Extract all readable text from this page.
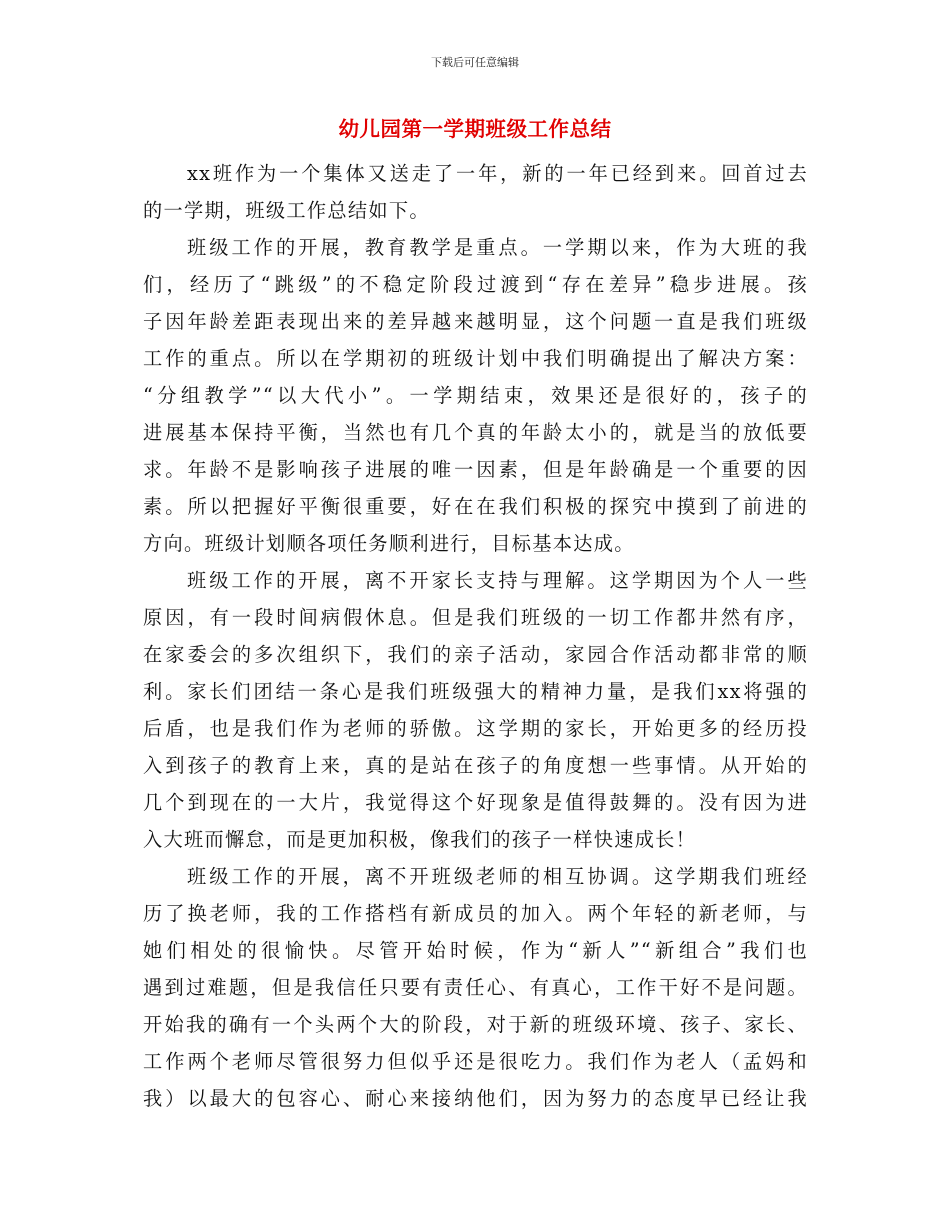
下载后可任意编辑
幼儿园第一学期班级工作总结
xx班作为一个集体又送走了一年，新的一年已经到来。回首过去
的一学期，班级工作总结如下。
班级工作的开展，教育教学是重点。一学期以来，作为大班的我
们，经历了“跳级”的不稳定阶段过渡到“存在差异”稳步进展。孩
子因年龄差距表现出来的差异越来越明显，这个问题一直是我们班级
工作的重点。所以在学期初的班级计划中我们明确提出了解决方案：
“分组教学”“以大代小”。一学期结束，效果还是很好的，孩子的
进展基本保持平衡，当然也有几个真的年龄太小的，就是当的放低要
求。年龄不是影响孩子进展的唯一因素，但是年龄确是一个重要的因
素。所以把握好平衡很重要，好在在我们积极的探究中摸到了前进的
方向。班级计划顺各项任务顺利进行，目标基本达成。
班级工作的开展，离不开家长支持与理解。这学期因为个人一些
原因，有一段时间病假休息。但是我们班级的一切工作都井然有序，
在家委会的多次组织下，我们的亲子活动，家园合作活动都非常的顺
利。家长们团结一条心是我们班级强大的精神力量，是我们xx将强的
后盾，也是我们作为老师的骄傲。这学期的家长，开始更多的经历投
入到孩子的教育上来，真的是站在孩子的角度想一些事情。从开始的
几个到现在的一大片，我觉得这个好现象是值得鼓舞的。没有因为进
入大班而懈怠，而是更加积极，像我们的孩子一样快速成长！
班级工作的开展，离不开班级老师的相互协调。这学期我们班经
历了换老师，我的工作搭档有新成员的加入。两个年轻的新老师，与
她们相处的很愉快。尽管开始时候，作为“新人”“新组合”我们也
遇到过难题，但是我信任只要有责任心、有真心，工作干好不是问题。
开始我的确有一个头两个大的阶段，对于新的班级环境、孩子、家长、
工作两个老师尽管很努力但似乎还是很吃力。我们作为老人（孟妈和
我）以最大的包容心、耐心来接纳他们，因为努力的态度早已经让我
